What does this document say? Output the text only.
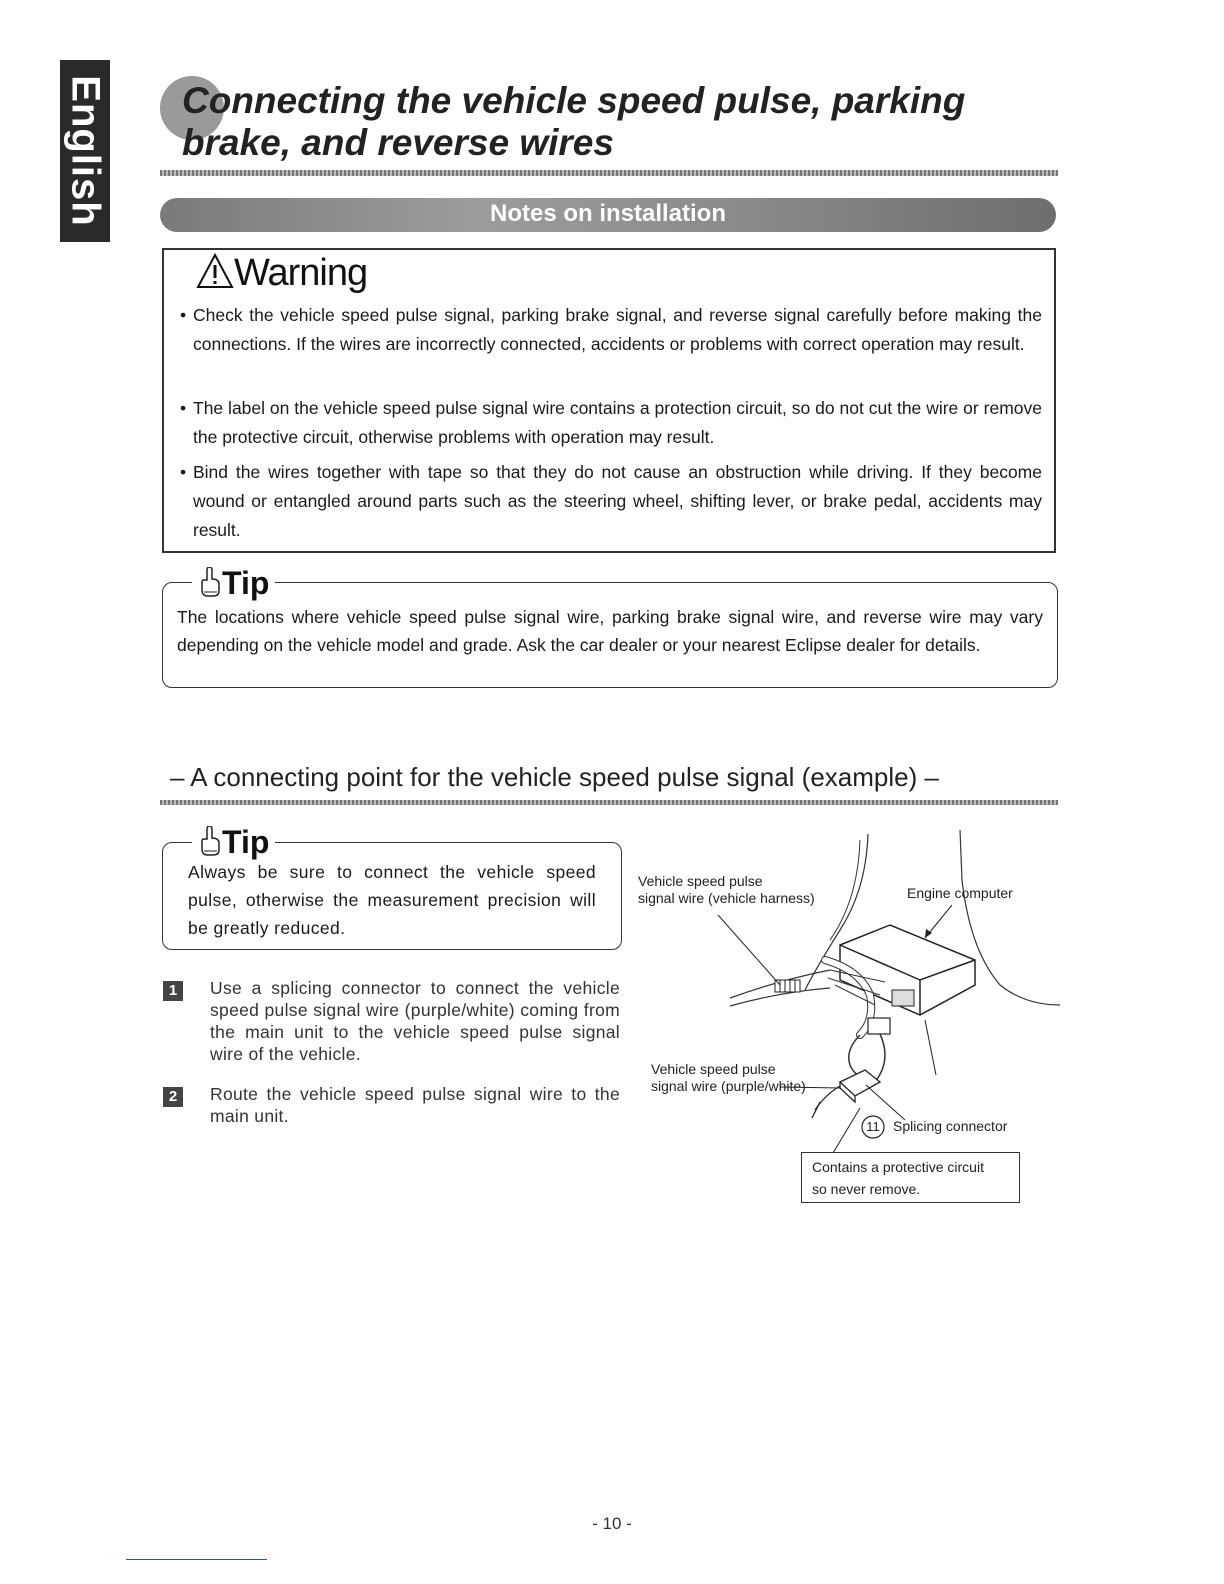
English Connecting the vehicle speed pulse, parking
brake, and reverse wires
Notes on installation
Warning
• Check the vehicle speed pulse signal, parking brake signal, and reverse signal carefully before making the connections. If the wires are incorrectly connected, accidents or problems with correct operation may result.
• The label on the vehicle speed pulse signal wire contains a protection circuit, so do not cut the wire or remove the protective circuit, otherwise problems with operation may result.
• Bind the wires together with tape so that they do not cause an obstruction while driving. If they become wound or entangled around parts such as the steering wheel, shifting lever, or brake pedal, accidents may result.
Tip
The locations where vehicle speed pulse signal wire, parking brake signal wire, and reverse wire may vary depending on the vehicle model and grade. Ask the car dealer or your nearest Eclipse dealer for details.
– A connecting point for the vehicle speed pulse signal (example) –
Tip
Always be sure to connect the vehicle speed pulse, otherwise the measurement precision will be greatly reduced.
1	Use a splicing connector to connect the vehicle speed pulse signal wire (purple/white) coming from the main unit to the vehicle speed pulse signal wire of the vehicle.
2	Route the vehicle speed pulse signal wire to the main unit.
Vehicle speed pulse
signal wire (vehicle harness)	Engine computer
Vehicle speed pulse
signal wire (purple/white)
11 Splicing connector
Contains a protective circuit
so never remove.
- 10 -
